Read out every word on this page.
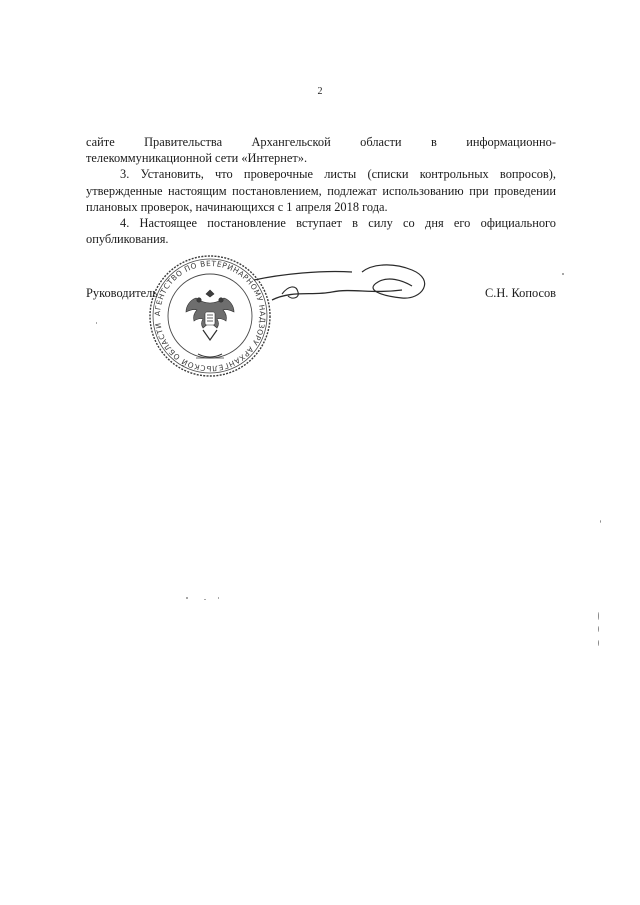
2

сайте Правительства Архангельской области в информационно-

телекоммуникационной сети «Интернет».

3. Установить, что проверочные листы (списки контрольных вопросов), утвержденные настоящим постановлением, подлежат использованию при проведении плановых проверок, начинающихся с 1 апреля 2018 года.

4. Настоящее постановление вступает в силу со дня его официального опубликования.

АГЕНТСТВО ПО ВЕТЕРИНАРНОМУ НАДЗОРУ АРХАНГЕЛЬСКОЙ ОБЛАСТИ
Руководитель	С.Н. Копосов
